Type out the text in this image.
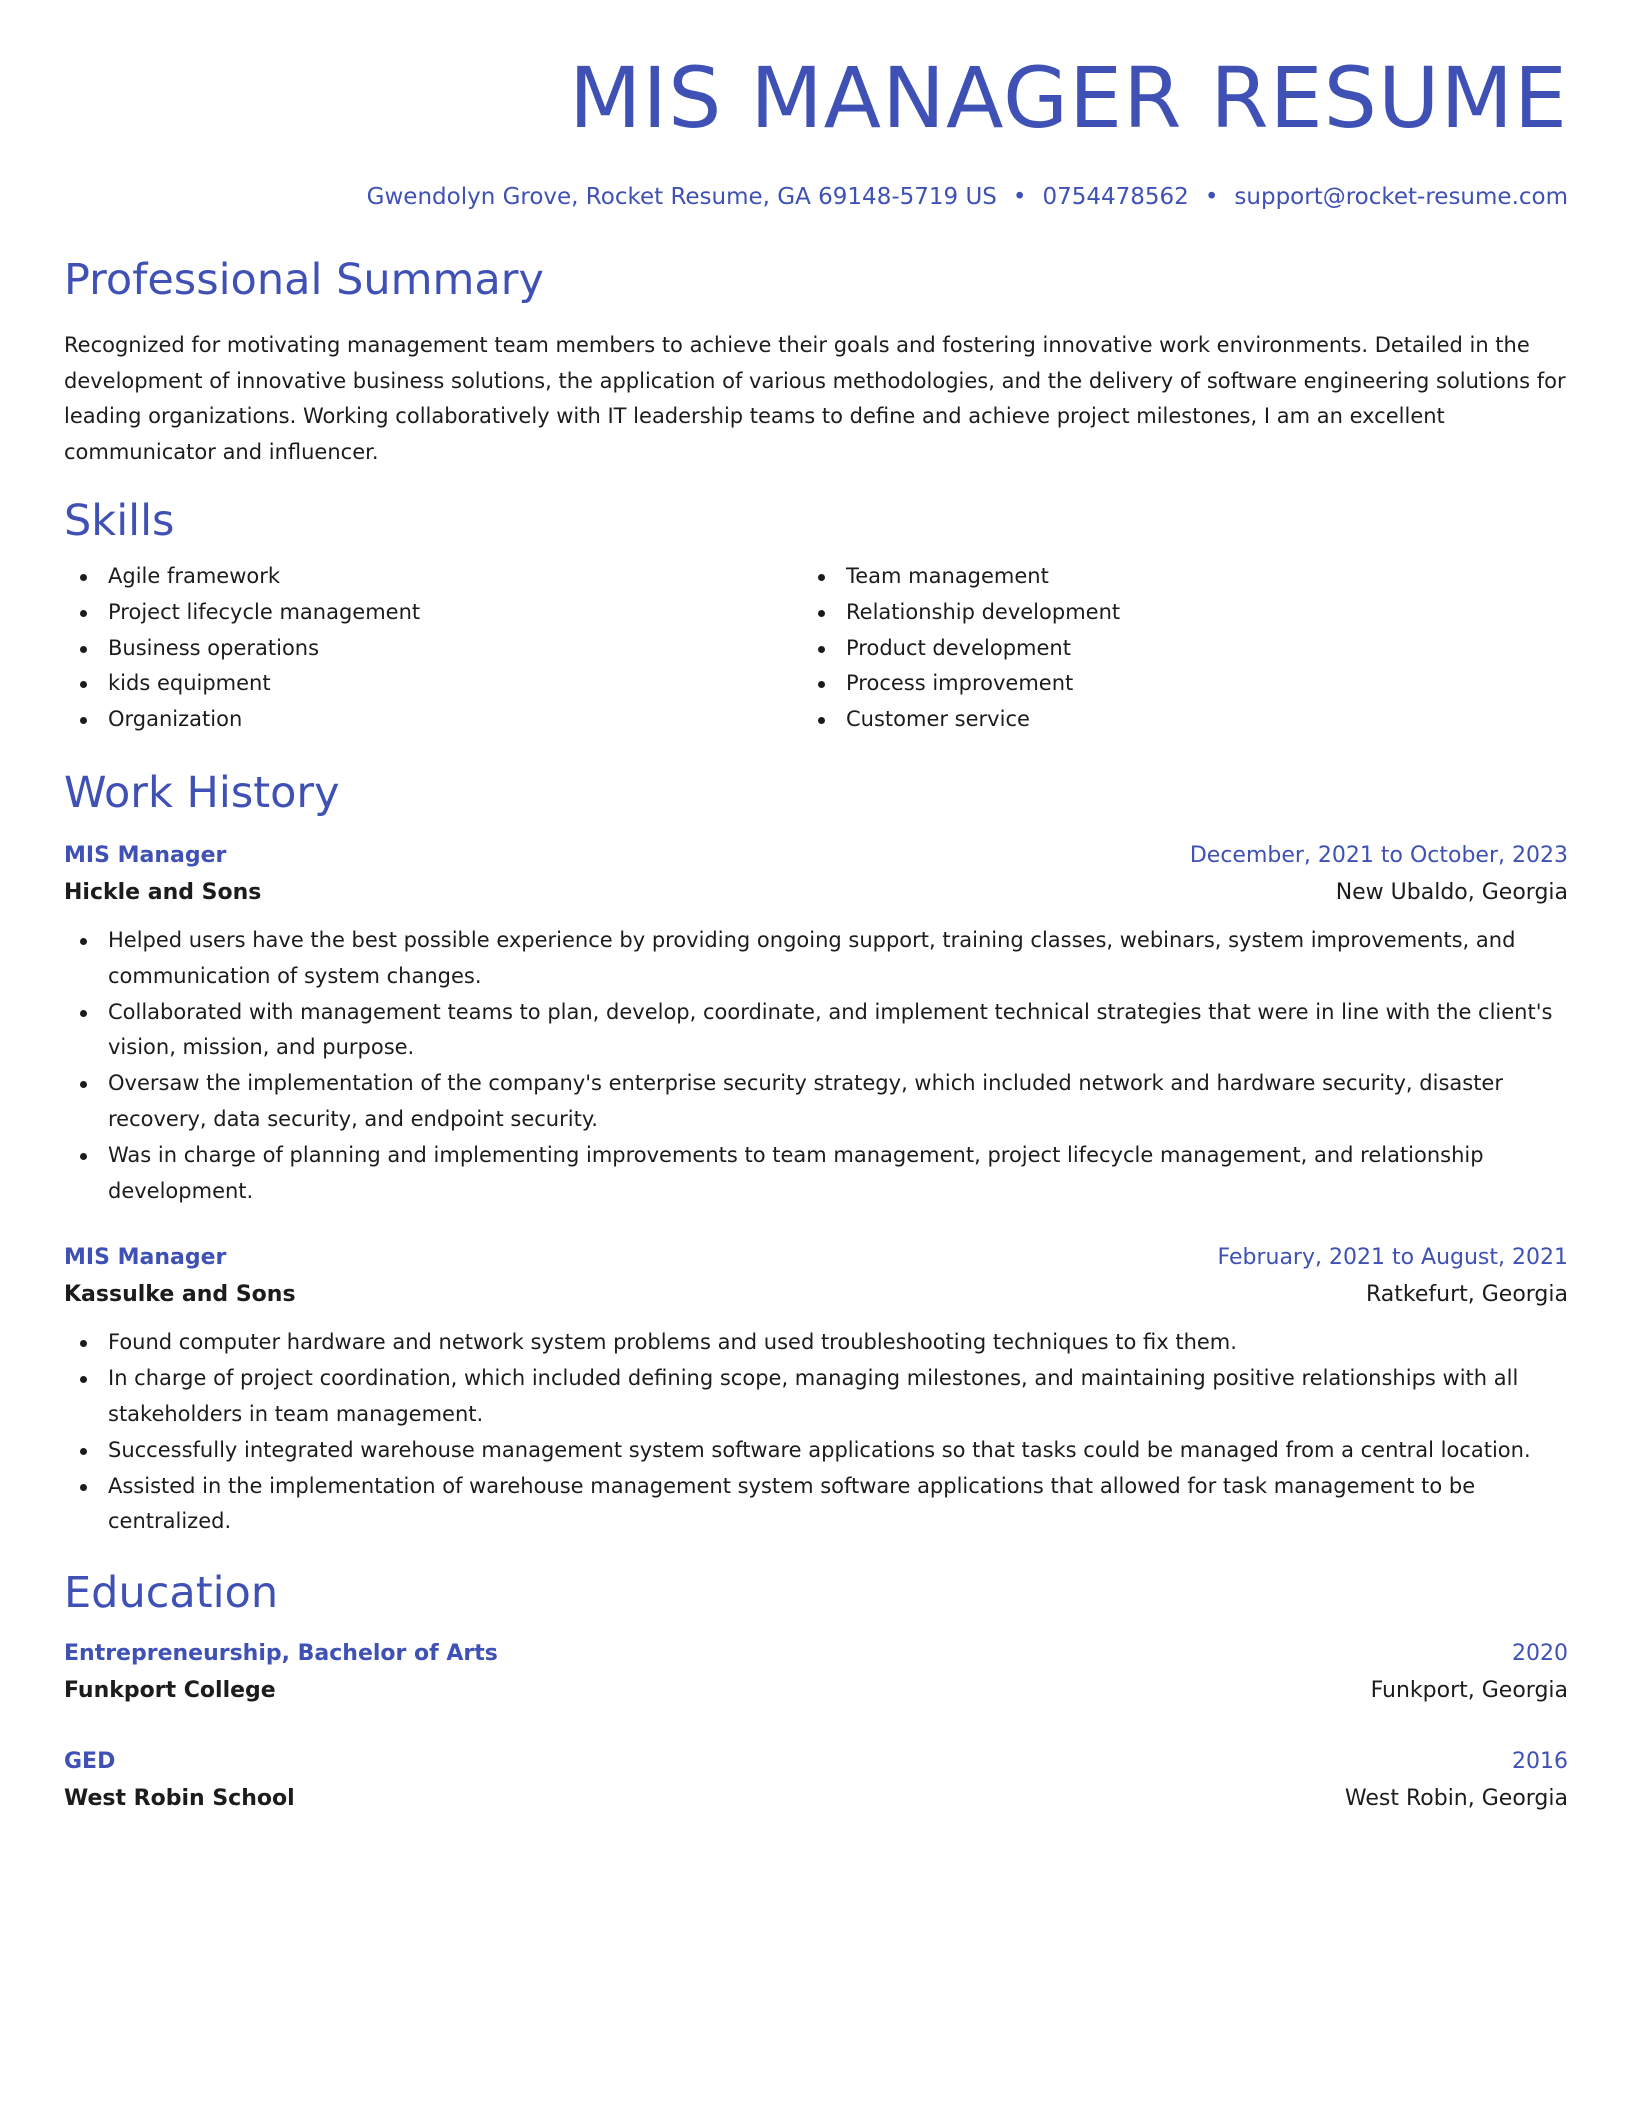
MIS MANAGER RESUME
Gwendolyn Grove, Rocket Resume, GA 69148-5719 US • 0754478562 • support@rocket-resume.com
Professional Summary
Recognized for motivating management team members to achieve their goals and fostering innovative work environments. Detailed in the development of innovative business solutions, the application of various methodologies, and the delivery of software engineering solutions for leading organizations. Working collaboratively with IT leadership teams to define and achieve project milestones, I am an excellent communicator and influencer.
Skills
Agile framework
Project lifecycle management
Business operations
kids equipment
Organization
Team management
Relationship development
Product development
Process improvement
Customer service
Work History
MIS Manager	December, 2021 to October, 2023
Hickle and Sons	New Ubaldo, Georgia
Helped users have the best possible experience by providing ongoing support, training classes, webinars, system improvements, and communication of system changes.
Collaborated with management teams to plan, develop, coordinate, and implement technical strategies that were in line with the client's vision, mission, and purpose.
Oversaw the implementation of the company's enterprise security strategy, which included network and hardware security, disaster recovery, data security, and endpoint security.
Was in charge of planning and implementing improvements to team management, project lifecycle management, and relationship development.
MIS Manager	February, 2021 to August, 2021
Kassulke and Sons	Ratkefurt, Georgia
Found computer hardware and network system problems and used troubleshooting techniques to fix them.
In charge of project coordination, which included defining scope, managing milestones, and maintaining positive relationships with all stakeholders in team management.
Successfully integrated warehouse management system software applications so that tasks could be managed from a central location.
Assisted in the implementation of warehouse management system software applications that allowed for task management to be centralized.
Education
Entrepreneurship, Bachelor of Arts	2020
Funkport College	Funkport, Georgia
GED	2016
West Robin School	West Robin, Georgia
